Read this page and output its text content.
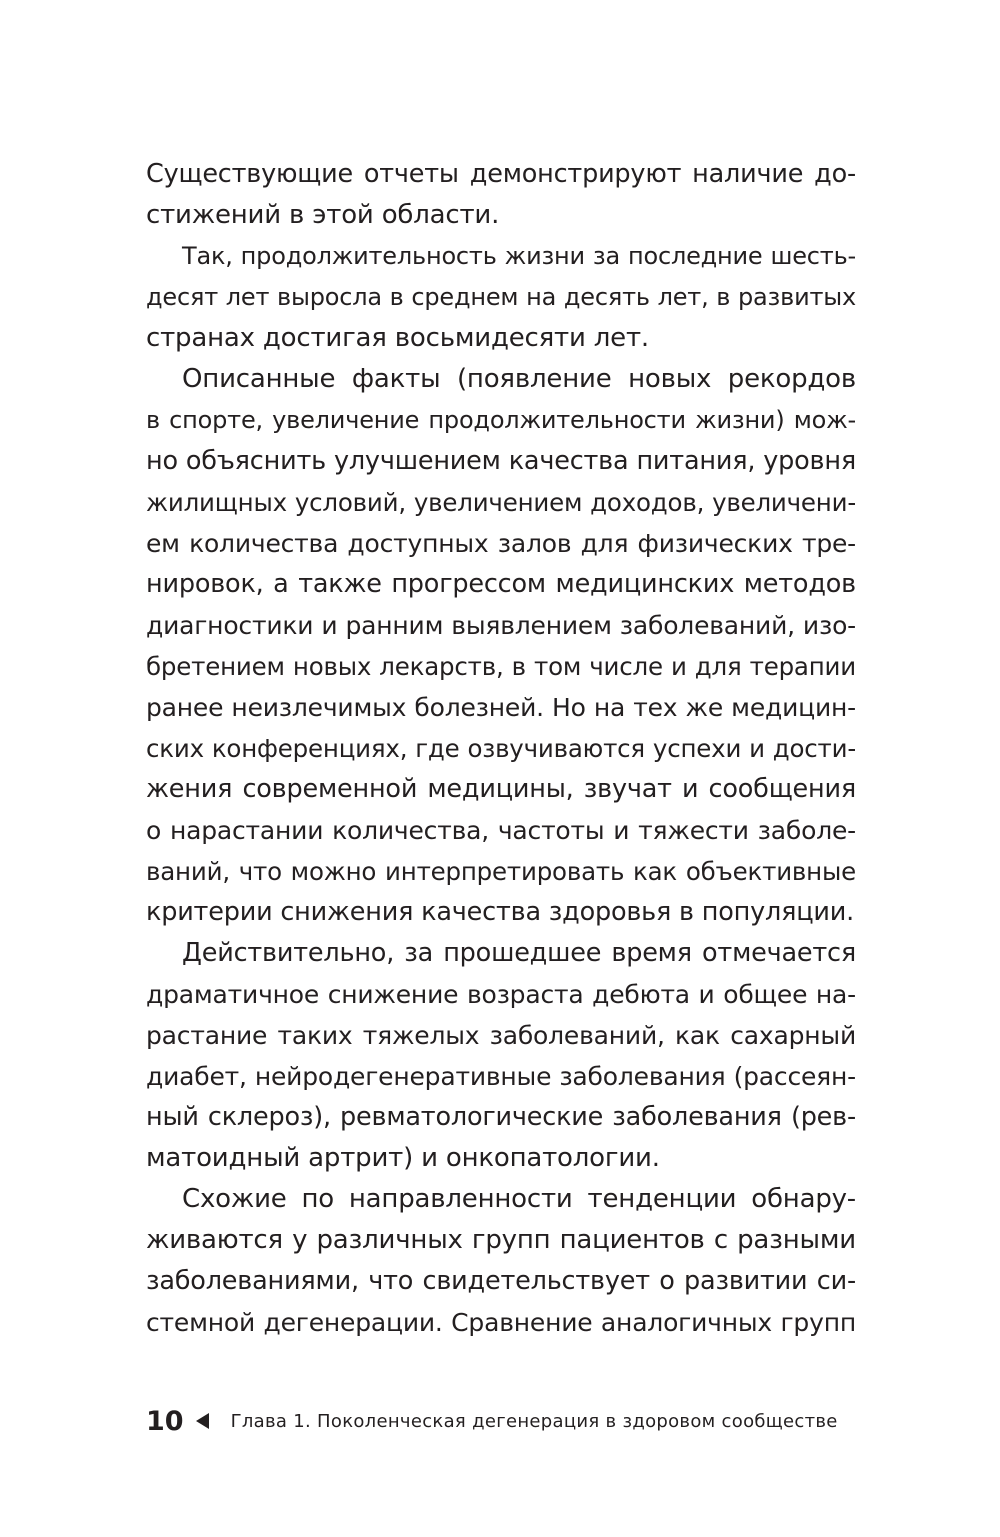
Существующие отчеты демонстрируют наличие до-
стижений в этой области.
Так, продолжительность жизни за последние шесть-
десят лет выросла в среднем на десять лет, в развитых
странах достигая восьмидесяти лет.
Описанные факты (появление новых рекордов
в спорте, увеличение продолжительности жизни) мож-
но объяснить улучшением качества питания, уровня
жилищных условий, увеличением доходов, увеличени-
ем количества доступных залов для физических тре-
нировок, а также прогрессом медицинских методов
диагностики и ранним выявлением заболеваний, изо-
бретением новых лекарств, в том числе и для терапии
ранее неизлечимых болезней. Но на тех же медицин-
ских конференциях, где озвучиваются успехи и дости-
жения современной медицины, звучат и сообщения
о нарастании количества, частоты и тяжести заболе-
ваний, что можно интерпретировать как объективные
критерии снижения качества здоровья в популяции.
Действительно, за прошедшее время отмечается
драматичное снижение возраста дебюта и общее на-
растание таких тяжелых заболеваний, как сахарный
диабет, нейродегенеративные заболевания (рассеян-
ный склероз), ревматологические заболевания (рев-
матоидный артрит) и онкопатологии.
Схожие по направленности тенденции обнару-
живаются у различных групп пациентов с разными
заболеваниями, что свидетельствует о развитии си-
стемной дегенерации. Сравнение аналогичных групп
10	Глава 1. Поколенческая дегенерация в здоровом сообществе
